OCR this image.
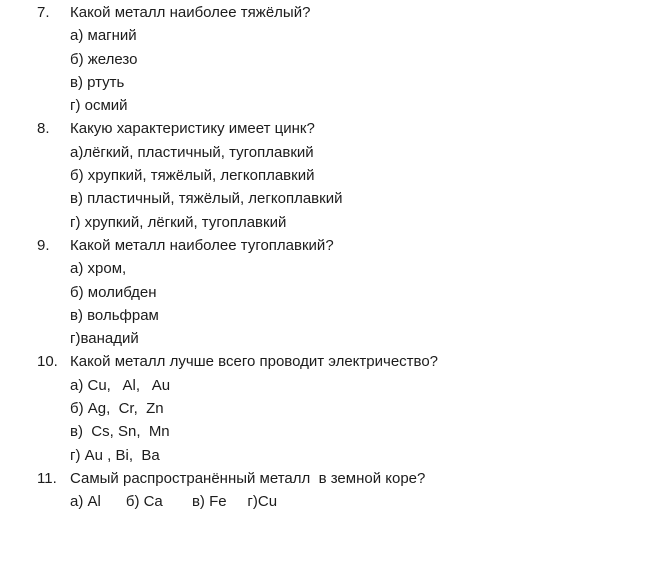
7.	Какой металл наиболее тяжёлый?
а) магний
б) железо
в) ртуть
г) осмий
8.	Какую характеристику имеет цинк?
а)лёгкий, пластичный, тугоплавкий
б) хрупкий, тяжёлый, легкоплавкий
в) пластичный, тяжёлый, легкоплавкий
г) хрупкий, лёгкий, тугоплавкий
9.	Какой металл наиболее тугоплавкий?
а) хром,
б) молибден
в) вольфрам
г)ванадий
10. Какой металл лучше всего проводит электричество?
а) Cu,   Al,   Au
б) Ag,  Cr,  Zn
в)  Cs, Sn,  Mn
г) Au , Bi,  Ba
11. Самый распространённый металл  в земной коре?
а) Al      б) Ca       в) Fe     г)Cu
